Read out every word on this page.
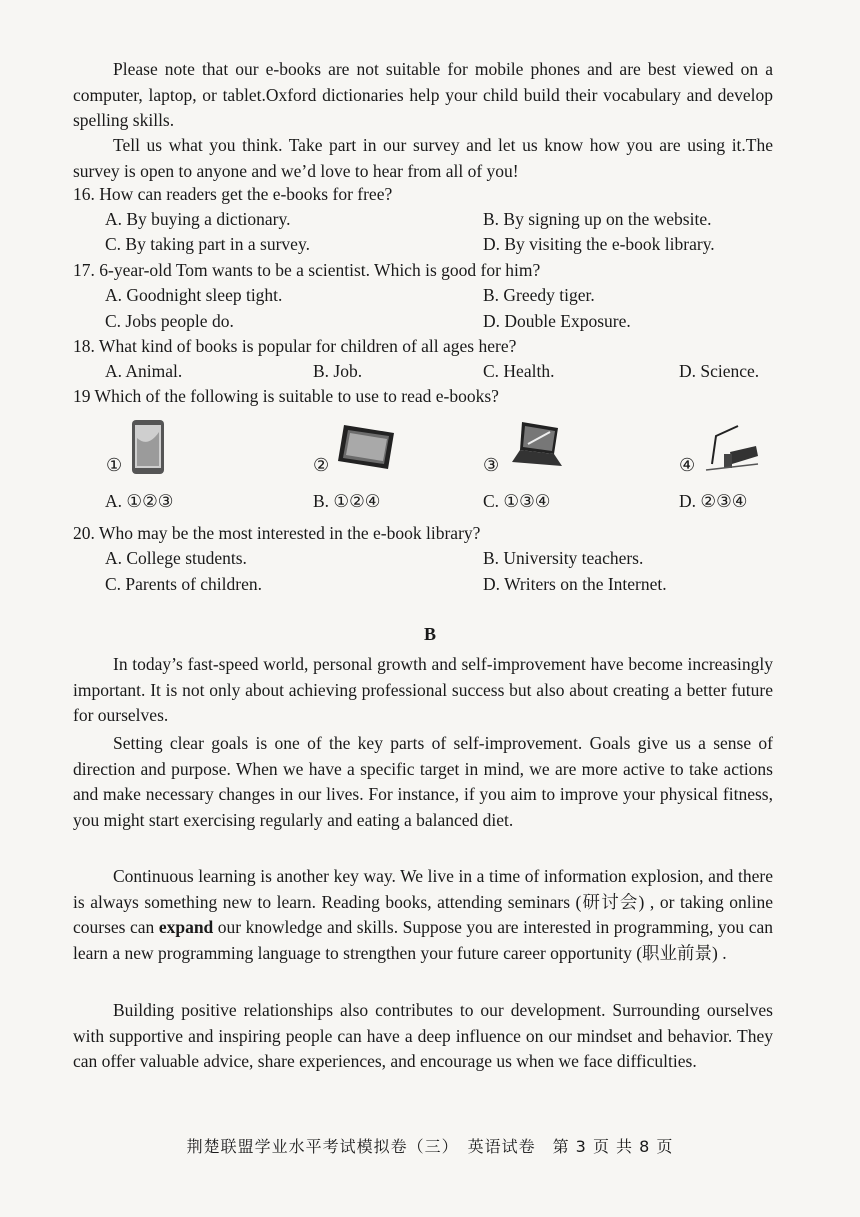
Please note that our e-books are not suitable for mobile phones and are best viewed on a computer, laptop, or tablet.Oxford dictionaries help your child build their vocabulary and develop spelling skills.

Tell us what you think. Take part in our survey and let us know how you are using it.The survey is open to anyone and we’d love to hear from all of you!

16. How can readers get the e-books for free?
A. By buying a dictionary.	B. By signing up on the website.
C. By taking part in a survey.	D. By visiting the e-book library.
17. 6-year-old Tom wants to be a scientist. Which is good for him?
A. Goodnight sleep tight.	B. Greedy tiger.
C. Jobs people do.	D. Double Exposure.
18. What kind of books is popular for children of all ages here?
A. Animal.	B. Job.	C. Health.	D. Science.
19 Which of the following is suitable to use to read e-books?
①	②	③	④
A. ①②③	B. ①②④	C. ①③④	D. ②③④
20. Who may be the most interested in the e-book library?
A. College students.	B. University teachers.
C. Parents of children.	D. Writers on the Internet.
B

In today’s fast-speed world, personal growth and self-improvement have become increasingly important. It is not only about achieving professional success but also about creating a better future for ourselves.

Setting clear goals is one of the key parts of self-improvement. Goals give us a sense of direction and purpose. When we have a specific target in mind, we are more active to take actions and make necessary changes in our lives. For instance, if you aim to improve your physical fitness, you might start exercising regularly and eating a balanced diet.

Continuous learning is another key way. We live in a time of information explosion, and there is always something new to learn. Reading books, attending seminars (研讨会) , or taking online courses can expand our knowledge and skills. Suppose you are interested in programming, you can learn a new programming language to strengthen your future career opportunity (职业前景) .

Building positive relationships also contributes to our development. Surrounding ourselves with supportive and inspiring people can have a deep influence on our mindset and behavior. They can offer valuable advice, share experiences, and encourage us when we face difficulties.

荆楚联盟学业水平考试模拟卷（三）　英语试卷　第 3 页 共 8 页
